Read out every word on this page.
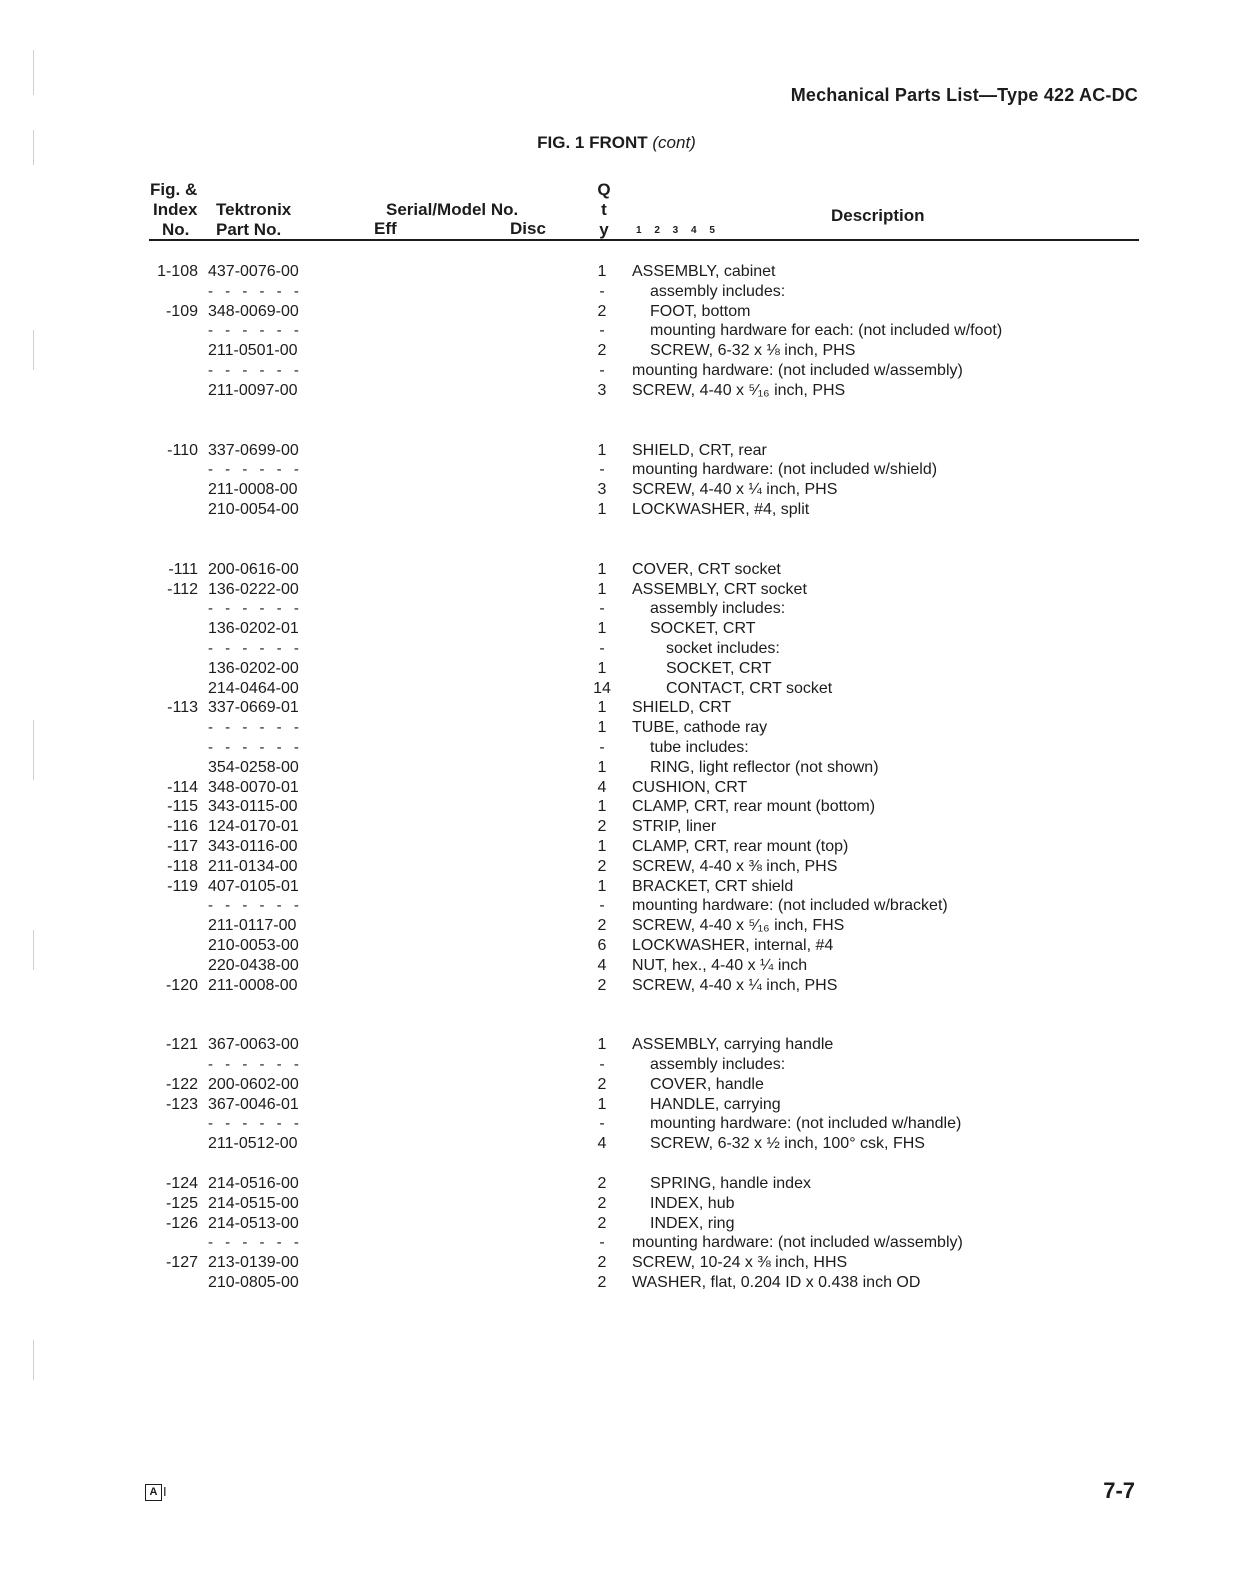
Mechanical Parts List—Type 422 AC-DC
FIG. 1 FRONT (cont)
Fig. &
Index
No.
Tektronix
Part No.
Serial/Model No.
Eff	Disc
Q
t
y
Description
1 2 3 4 5
1-108 437-0076-00	1	ASSEMBLY, cabinet
- - - - - -	-	assembly includes:
-109 348-0069-00	2	FOOT, bottom
- - - - - -	-	mounting hardware for each: (not included w/foot)
211-0501-00	2	SCREW, 6-32 x ⅛ inch, PHS
- - - - - -	-	mounting hardware: (not included w/assembly)
211-0097-00	3	SCREW, 4-40 x ⁵⁄₁₆ inch, PHS
-110 337-0699-00	1	SHIELD, CRT, rear
- - - - - -	-	mounting hardware: (not included w/shield)
211-0008-00	3	SCREW, 4-40 x ¼ inch, PHS
210-0054-00	1	LOCKWASHER, #4, split
-111 200-0616-00	1	COVER, CRT socket
-112 136-0222-00	1	ASSEMBLY, CRT socket
- - - - - -	-	assembly includes:
136-0202-01	1	SOCKET, CRT
- - - - - -	-	socket includes:
136-0202-00	1	SOCKET, CRT
214-0464-00	14	CONTACT, CRT socket
-113 337-0669-01	1	SHIELD, CRT
- - - - - -	1	TUBE, cathode ray
- - - - - -	-	tube includes:
354-0258-00	1	RING, light reflector (not shown)
-114 348-0070-01	4	CUSHION, CRT
-115 343-0115-00	1	CLAMP, CRT, rear mount (bottom)
-116 124-0170-01	2	STRIP, liner
-117 343-0116-00	1	CLAMP, CRT, rear mount (top)
-118 211-0134-00	2	SCREW, 4-40 x ⅜ inch, PHS
-119 407-0105-01	1	BRACKET, CRT shield
- - - - - -	-	mounting hardware: (not included w/bracket)
211-0117-00	2	SCREW, 4-40 x ⁵⁄₁₆ inch, FHS
210-0053-00	6	LOCKWASHER, internal, #4
220-0438-00	4	NUT, hex., 4-40 x ¼ inch
-120 211-0008-00	2	SCREW, 4-40 x ¼ inch, PHS
-121 367-0063-00	1	ASSEMBLY, carrying handle
- - - - - -	-	assembly includes:
-122 200-0602-00	2	COVER, handle
-123 367-0046-01	1	HANDLE, carrying
- - - - - -	-	mounting hardware: (not included w/handle)
211-0512-00	4	SCREW, 6-32 x ½ inch, 100° csk, FHS
-124 214-0516-00	2	SPRING, handle index
-125 214-0515-00	2	INDEX, hub
-126 214-0513-00	2	INDEX, ring
- - - - - -	-	mounting hardware: (not included w/assembly)
-127 213-0139-00	2	SCREW, 10-24 x ⅜ inch, HHS
210-0805-00	2	WASHER, flat, 0.204 ID x 0.438 inch OD
A I	7-7
